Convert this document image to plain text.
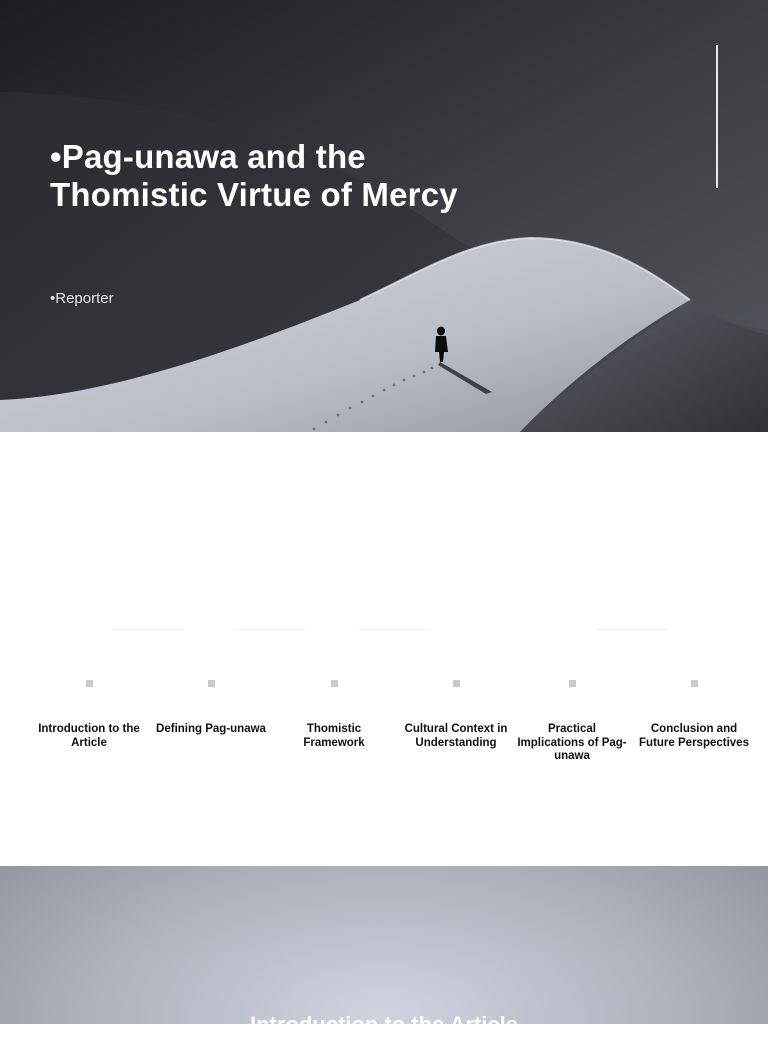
•Pag-unawa and the Thomistic Virtue of Mercy
•Reporter
Introduction to the Article
Defining Pag-unawa	Thomistic Framework
Cultural Context in Understanding
Practical Implications of Pag-unawa
Conclusion and Future Perspectives
Introduction to the Article
